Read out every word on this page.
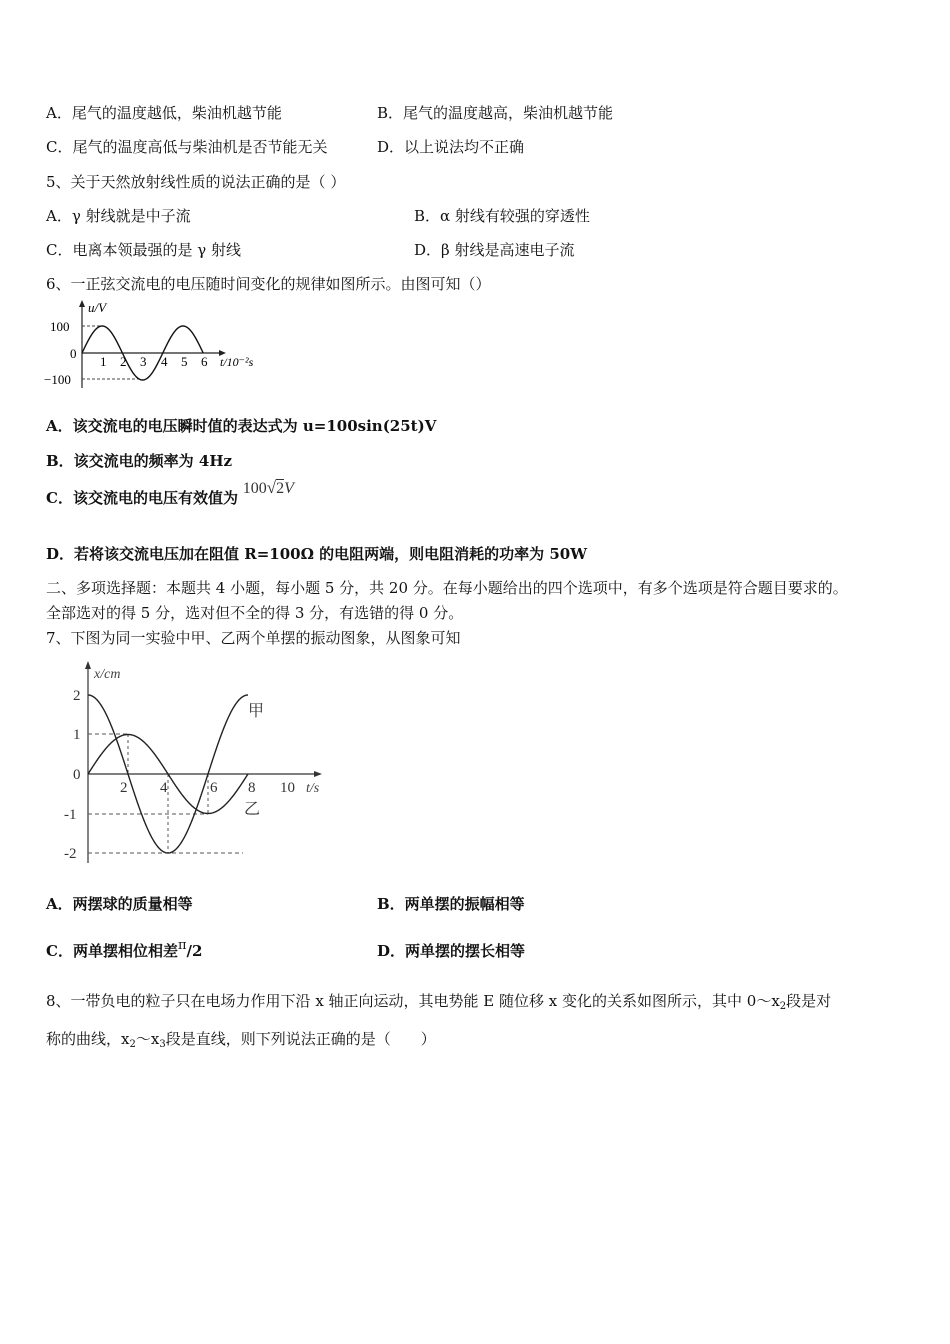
A．尾气的温度越低，柴油机越节能	B．尾气的温度越高，柴油机越节能
C．尾气的温度高低与柴油机是否节能无关	D．以上说法均不正确
5、关于天然放射线性质的说法正确的是（ ）
A．γ 射线就是中子流	B．α 射线有较强的穿透性
C．电离本领最强的是 γ 射线	D．β 射线是高速电子流
6、一正弦交流电的电压随时间变化的规律如图所示。由图可知（）
u/V
100
0
−100
1 2 3 4 5 6 t/10⁻²s
A．该交流电的电压瞬时值的表达式为 u=100sin(25t)V
B．该交流电的频率为 4Hz
C．该交流电的电压有效值为 100√2V
D．若将该交流电压加在阻值 R=100Ω 的电阻两端，则电阻消耗的功率为 50W
二、多项选择题：本题共 4 小题，每小题 5 分，共 20 分。在每小题给出的四个选项中，有多个选项是符合题目要求的。
全部选对的得 5 分，选对但不全的得 3 分，有选错的得 0 分。
7、下图为同一实验中甲、乙两个单摆的振动图象，从图象可知
x/cm
2
1
0
-1
-2
2 4	6 8 10 t/s
甲
乙
A．两摆球的质量相等	B．两单摆的振幅相等
C．两单摆相位相差π/2	D．两单摆的摆长相等
8、一带负电的粒子只在电场力作用下沿 x 轴正向运动，其电势能 E 随位移 x 变化的关系如图所示，其中 $0\sim x_2$段是对
称的曲线，$x_2\sim x_3$段是直线，则下列说法正确的是（　　）
